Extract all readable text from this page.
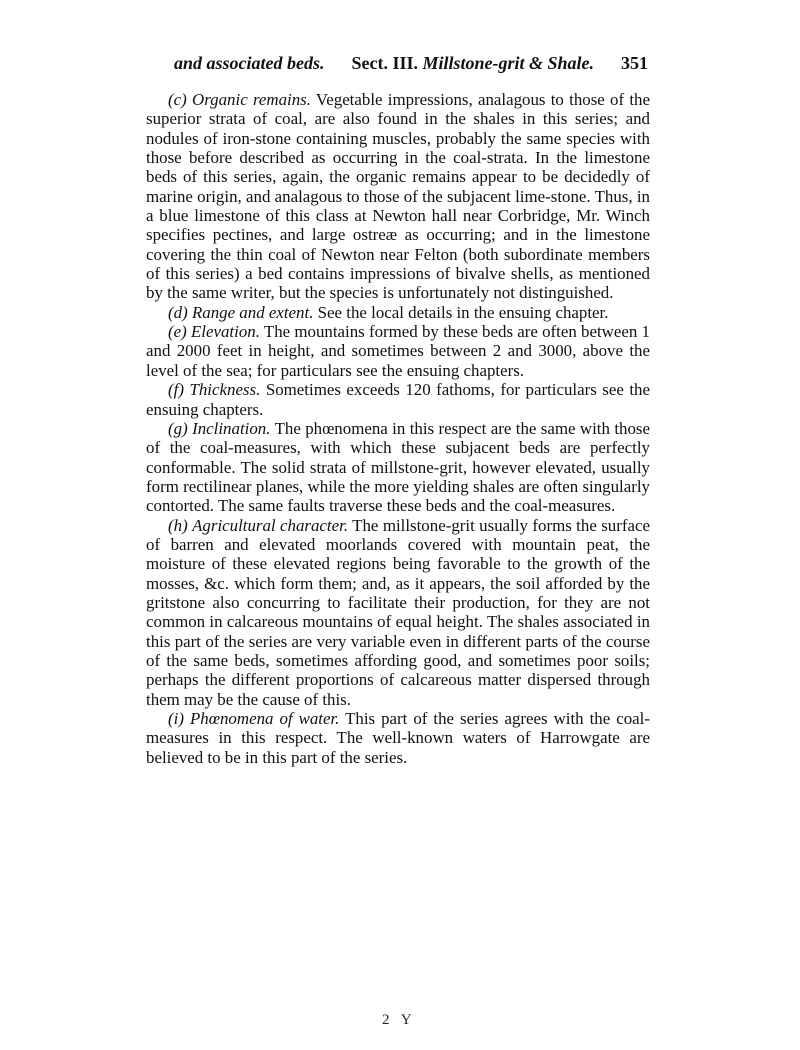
and associated beds. Sect. III. Millstone-grit & Shale. 351

(c) Organic remains. Vegetable impressions, analagous to those of the superior strata of coal, are also found in the shales in this series; and nodules of iron-stone containing muscles, probably the same species with those before described as occurring in the coal-strata. In the limestone beds of this series, again, the organic remains appear to be decidedly of marine origin, and analagous to those of the subjacent lime-stone. Thus, in a blue limestone of this class at Newton hall near Corbridge, Mr. Winch specifies pectines, and large ostreæ as occurring; and in the limestone covering the thin coal of Newton near Felton (both subordinate members of this series) a bed contains impressions of bivalve shells, as mentioned by the same writer, but the species is unfortunately not distinguished.

(d) Range and extent. See the local details in the ensuing chapter.

(e) Elevation. The mountains formed by these beds are often between 1 and 2000 feet in height, and sometimes between 2 and 3000, above the level of the sea; for particulars see the ensuing chapters.

(f) Thickness. Sometimes exceeds 120 fathoms, for particulars see the ensuing chapters.

(g) Inclination. The phœnomena in this respect are the same with those of the coal-measures, with which these subjacent beds are perfectly conformable. The solid strata of millstone-grit, however elevated, usually form rectilinear planes, while the more yielding shales are often singularly contorted. The same faults traverse these beds and the coal-measures.

(h) Agricultural character. The millstone-grit usually forms the surface of barren and elevated moorlands covered with mountain peat, the moisture of these elevated regions being favorable to the growth of the mosses, &c. which form them; and, as it appears, the soil afforded by the gritstone also concurring to facilitate their production, for they are not common in calcareous mountains of equal height. The shales associated in this part of the series are very variable even in different parts of the course of the same beds, sometimes affording good, and sometimes poor soils; perhaps the different proportions of calcareous matter dispersed through them may be the cause of this.

(i) Phœnomena of water. This part of the series agrees with the coal-measures in this respect. The well-known waters of Harrowgate are believed to be in this part of the series.

2 Y
